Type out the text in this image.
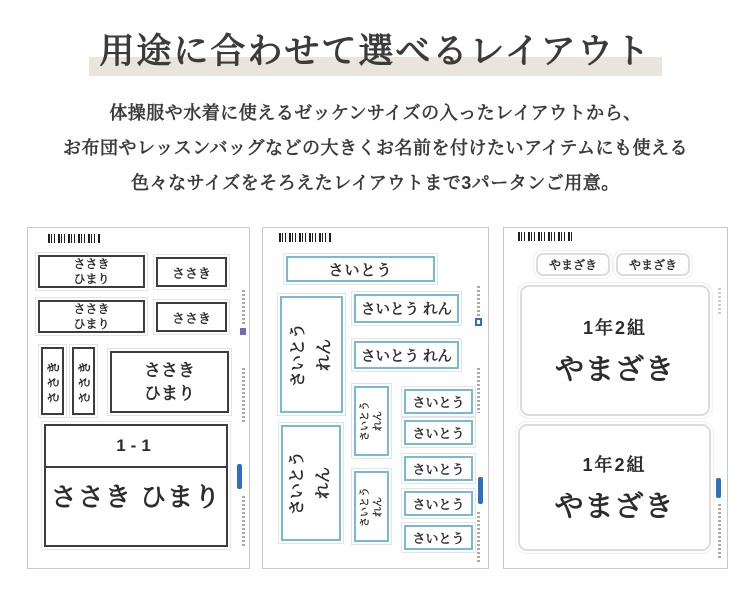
用途に合わせて選べるレイアウト

体操服や水着に使えるゼッケンサイズの入ったレイアウトから、

お布団やレッスンバッグなどの大きくお名前を付けたいアイテムにも使える

色々なサイズをそろえたレイアウトまで3パータンご用意。

ささき
ひまり	ささき
ささき
ひまり	ささき
ささき ささき	ささき
ひまり
1-1
ささき ひまり
さいとう
さいとう れん
さいとう れん
さいとう れん
さいとう れん
さいとう れん
さいとう れん
さいとう
さいとう
さいとう
さいとう
さいとう
やまざき	やまざき
1年2組
やまざき
1年2組
やまざき
